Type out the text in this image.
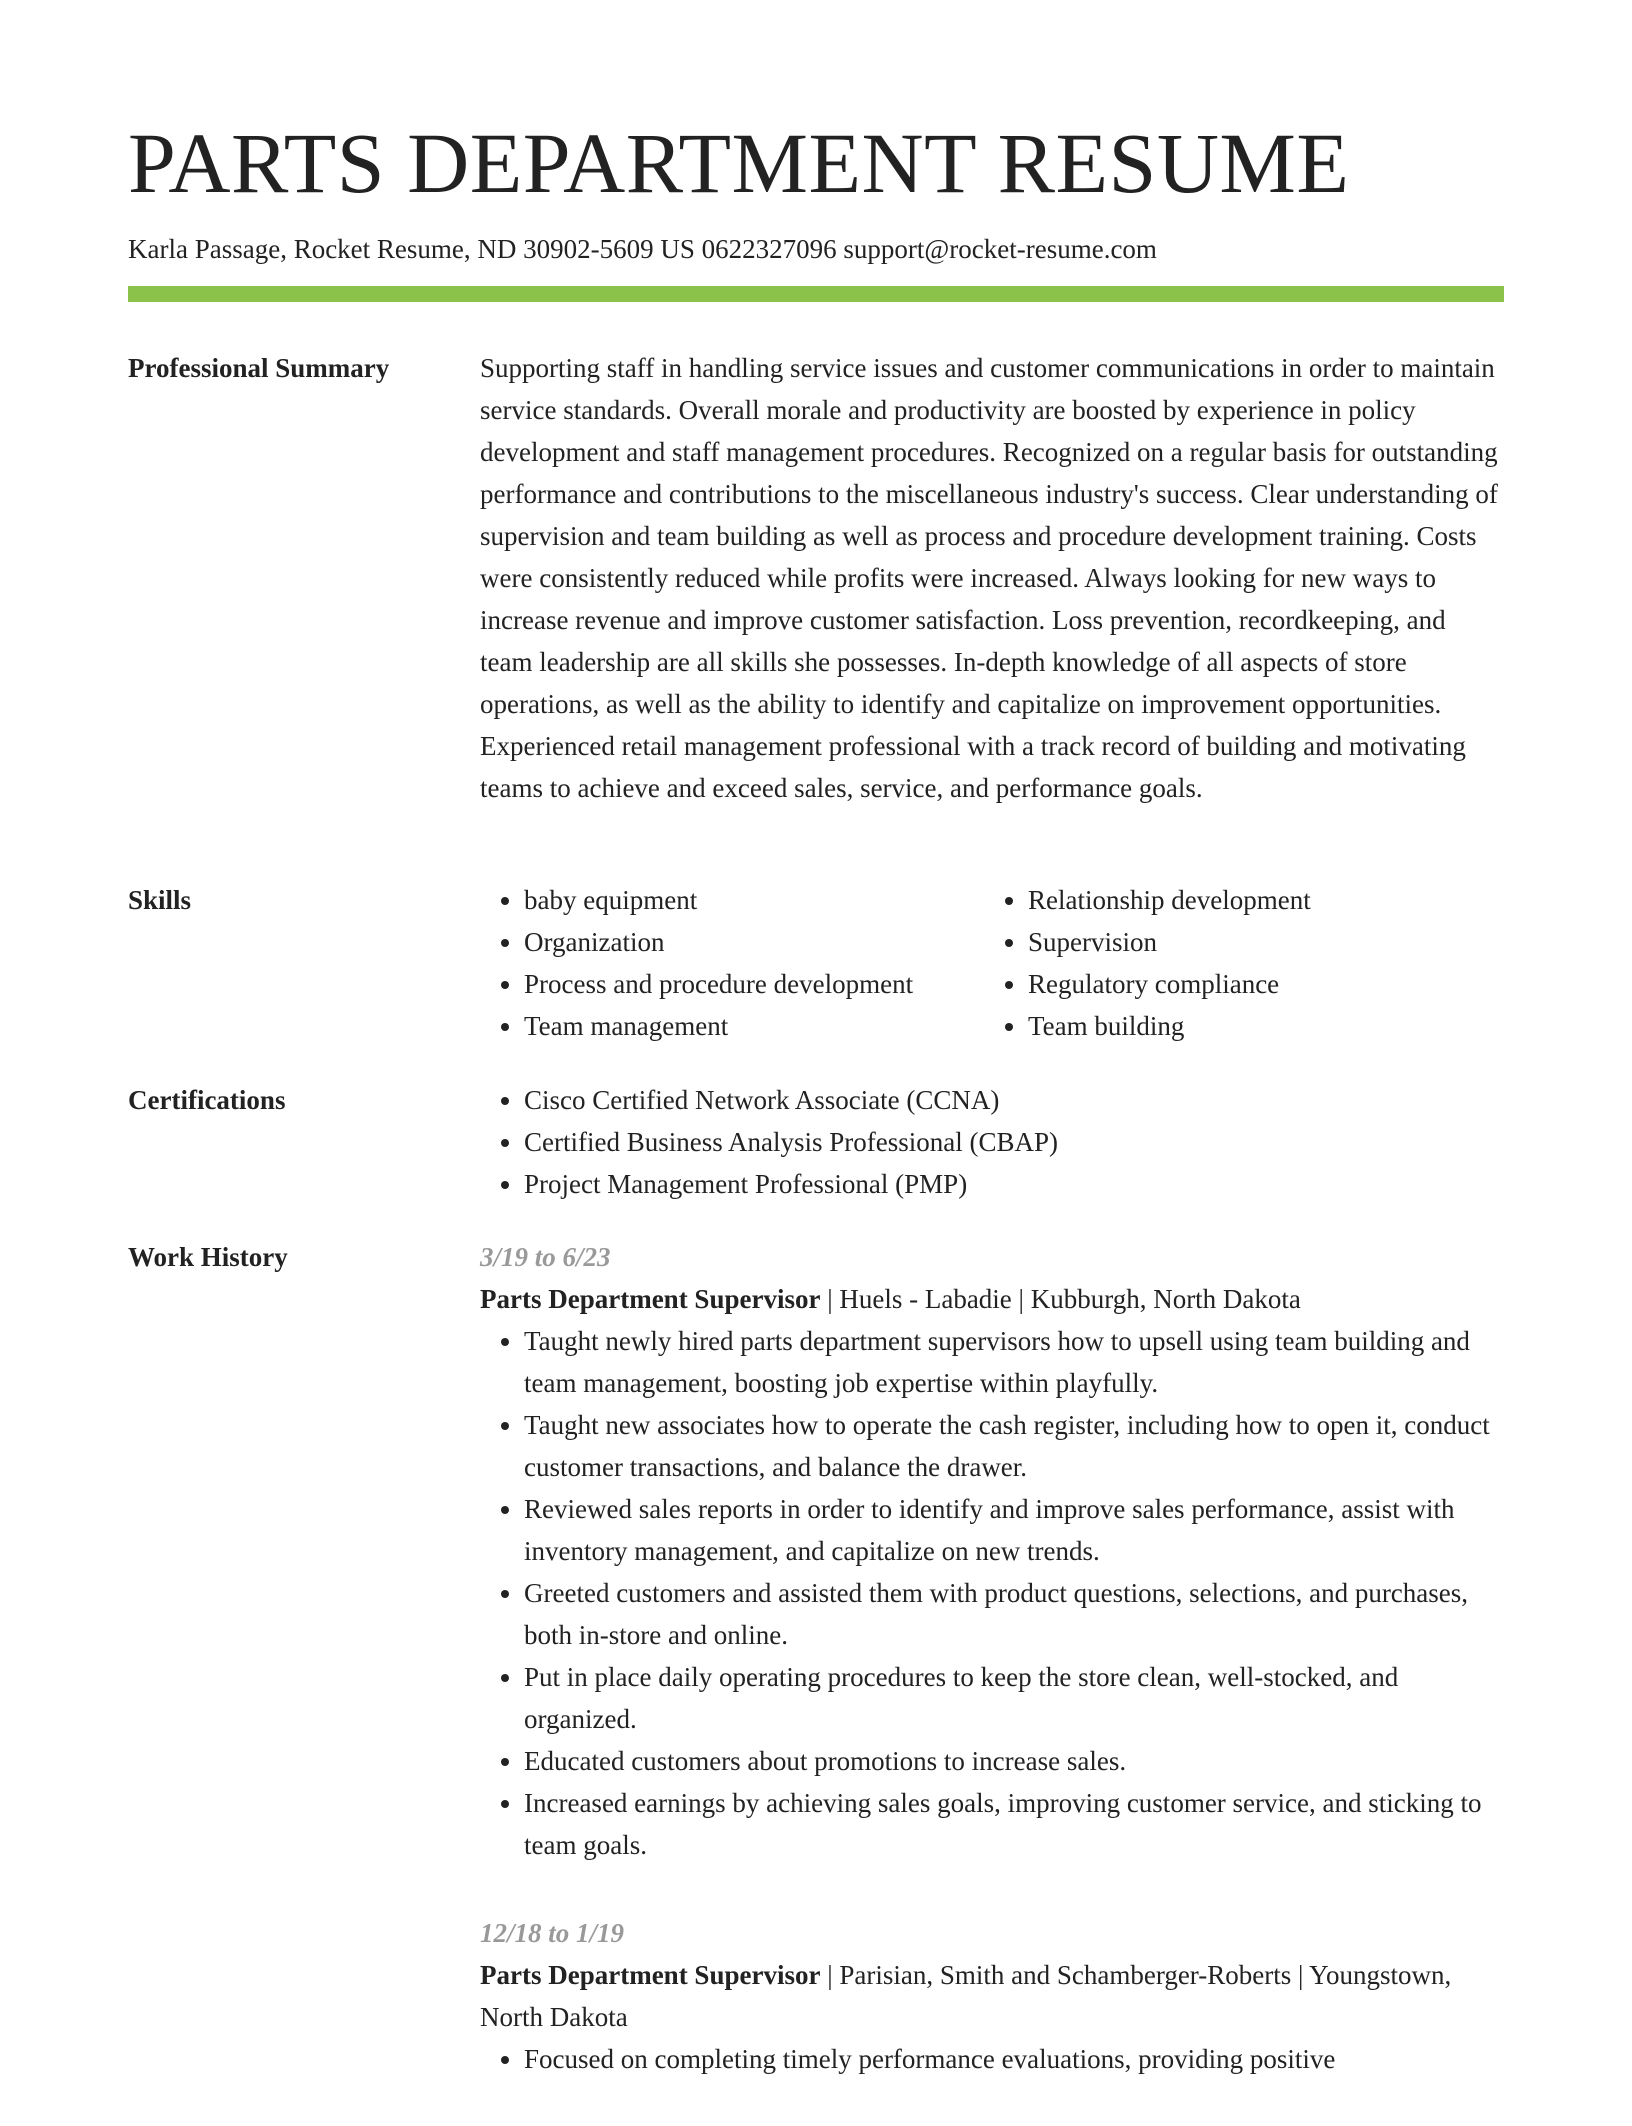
PARTS DEPARTMENT RESUME
Karla Passage, Rocket Resume, ND 30902-5609 US 0622327096 support@rocket-resume.com
Professional Summary	Supporting staff in handling service issues and customer communications in order to maintain service standards. Overall morale and productivity are boosted by experience in policy development and staff management procedures. Recognized on a regular basis for outstanding performance and contributions to the miscellaneous industry's success. Clear understanding of supervision and team building as well as process and procedure development training. Costs were consistently reduced while profits were increased. Always looking for new ways to increase revenue and improve customer satisfaction. Loss prevention, recordkeeping, and team leadership are all skills she possesses. In-depth knowledge of all aspects of store operations, as well as the ability to identify and capitalize on improvement opportunities. Experienced retail management professional with a track record of building and motivating teams to achieve and exceed sales, service, and performance goals.

Skills	• baby equipment
• Organization
• Process and procedure development
• Team management
• Relationship development
• Supervision
• Regulatory compliance
• Team building
Certifications	• Cisco Certified Network Associate (CCNA)
• Certified Business Analysis Professional (CBAP)
• Project Management Professional (PMP)
Work History	3/19 to 6/23
Parts Department Supervisor | Huels - Labadie | Kubburgh, North Dakota
• Taught newly hired parts department supervisors how to upsell using team building and team management, boosting job expertise within playfully.
• Taught new associates how to operate the cash register, including how to open it, conduct customer transactions, and balance the drawer.
• Reviewed sales reports in order to identify and improve sales performance, assist with inventory management, and capitalize on new trends.
• Greeted customers and assisted them with product questions, selections, and purchases, both in-store and online.
• Put in place daily operating procedures to keep the store clean, well-stocked, and organized.
• Educated customers about promotions to increase sales.
• Increased earnings by achieving sales goals, improving customer service, and sticking to team goals.
12/18 to 1/19
Parts Department Supervisor | Parisian, Smith and Schamberger-Roberts | Youngstown, North Dakota
• Focused on completing timely performance evaluations, providing positive
